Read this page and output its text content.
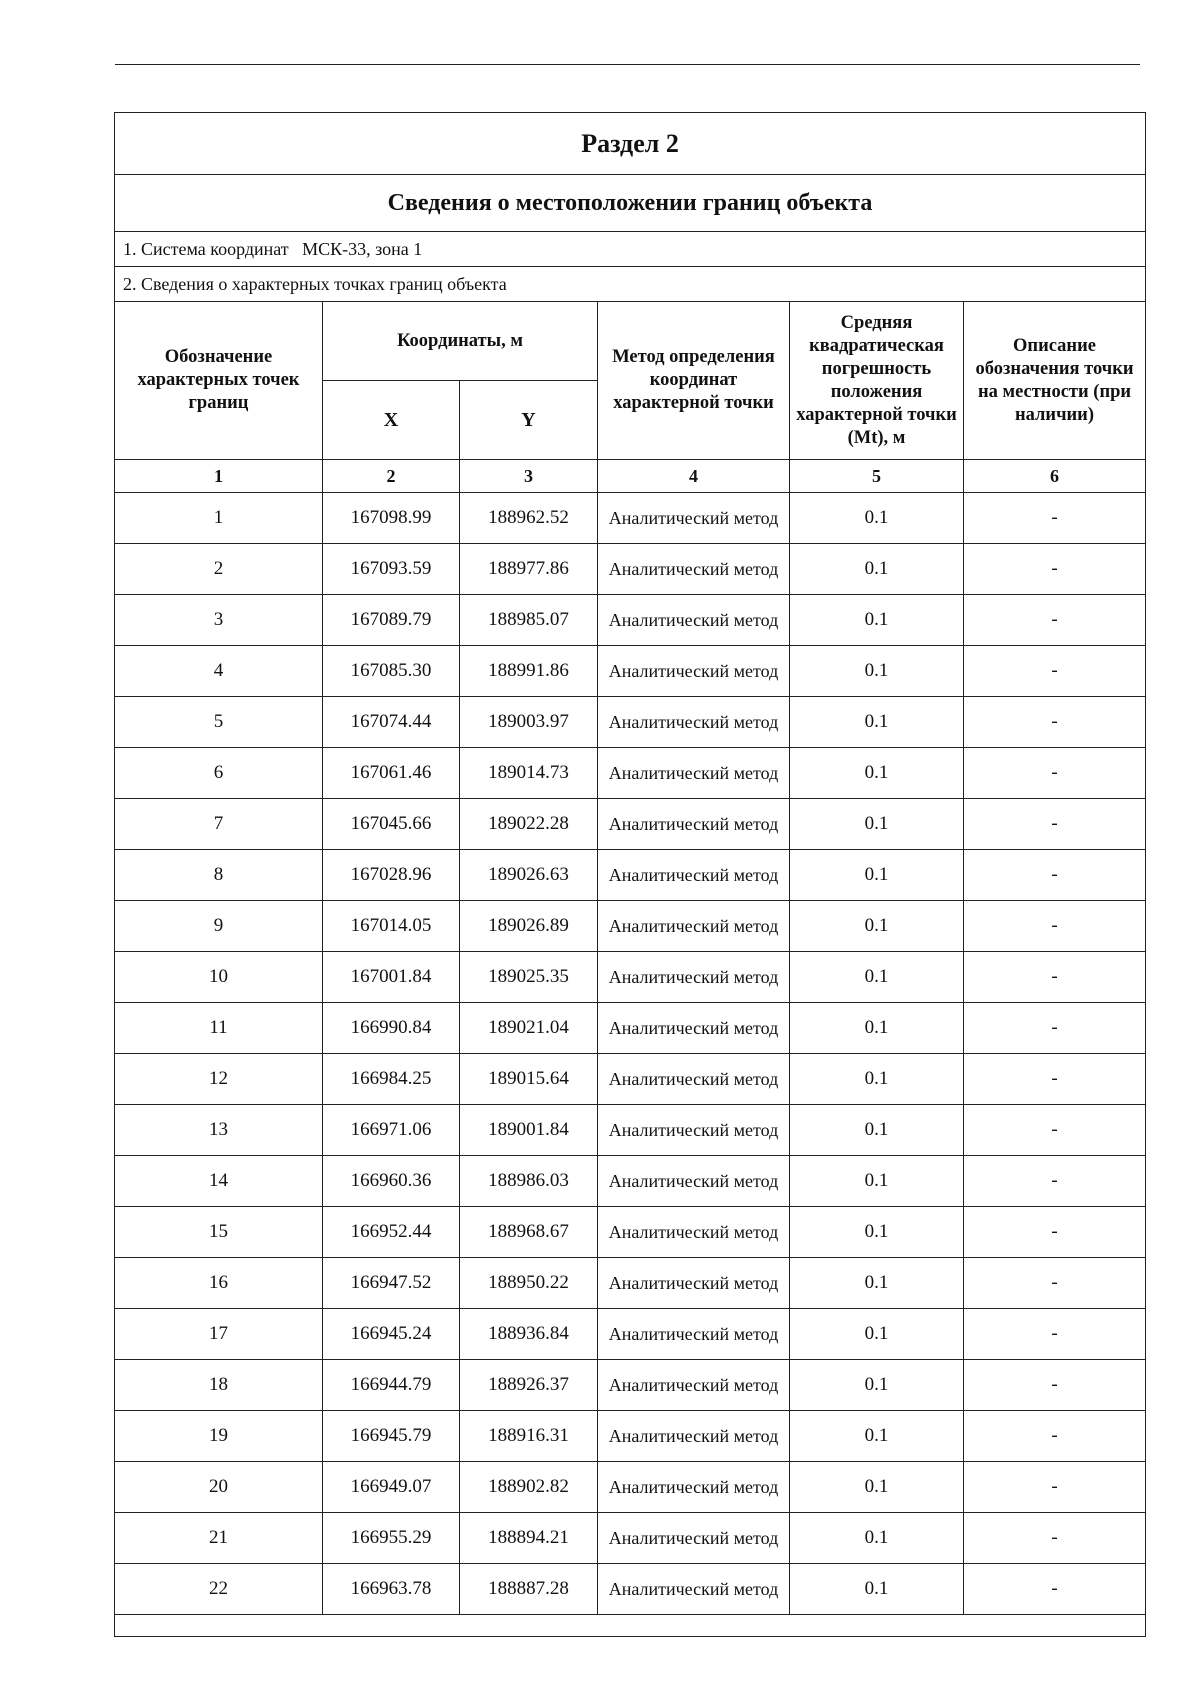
Раздел 2					
Сведения о местоположении границ объекта					
1. Система координат   МСК-33, зона 1					
2. Сведения о характерных точках границ объекта					
Обозначение характерных точек границ	Координаты, м		Метод определения координат характерной точки	Средняя квадратическая погрешность положения характерной точки (Mt), м	Описание обозначения точки на местности (при наличии)
	X	Y			
1	2	3	4	5	6
1	167098.99	188962.52	Аналитический метод	0.1	-
2	167093.59	188977.86	Аналитический метод	0.1	-
3	167089.79	188985.07	Аналитический метод	0.1	-
4	167085.30	188991.86	Аналитический метод	0.1	-
5	167074.44	189003.97	Аналитический метод	0.1	-
6	167061.46	189014.73	Аналитический метод	0.1	-
7	167045.66	189022.28	Аналитический метод	0.1	-
8	167028.96	189026.63	Аналитический метод	0.1	-
9	167014.05	189026.89	Аналитический метод	0.1	-
10	167001.84	189025.35	Аналитический метод	0.1	-
11	166990.84	189021.04	Аналитический метод	0.1	-
12	166984.25	189015.64	Аналитический метод	0.1	-
13	166971.06	189001.84	Аналитический метод	0.1	-
14	166960.36	188986.03	Аналитический метод	0.1	-
15	166952.44	188968.67	Аналитический метод	0.1	-
16	166947.52	188950.22	Аналитический метод	0.1	-
17	166945.24	188936.84	Аналитический метод	0.1	-
18	166944.79	188926.37	Аналитический метод	0.1	-
19	166945.79	188916.31	Аналитический метод	0.1	-
20	166949.07	188902.82	Аналитический метод	0.1	-
21	166955.29	188894.21	Аналитический метод	0.1	-
22	166963.78	188887.28	Аналитический метод	0.1	-
